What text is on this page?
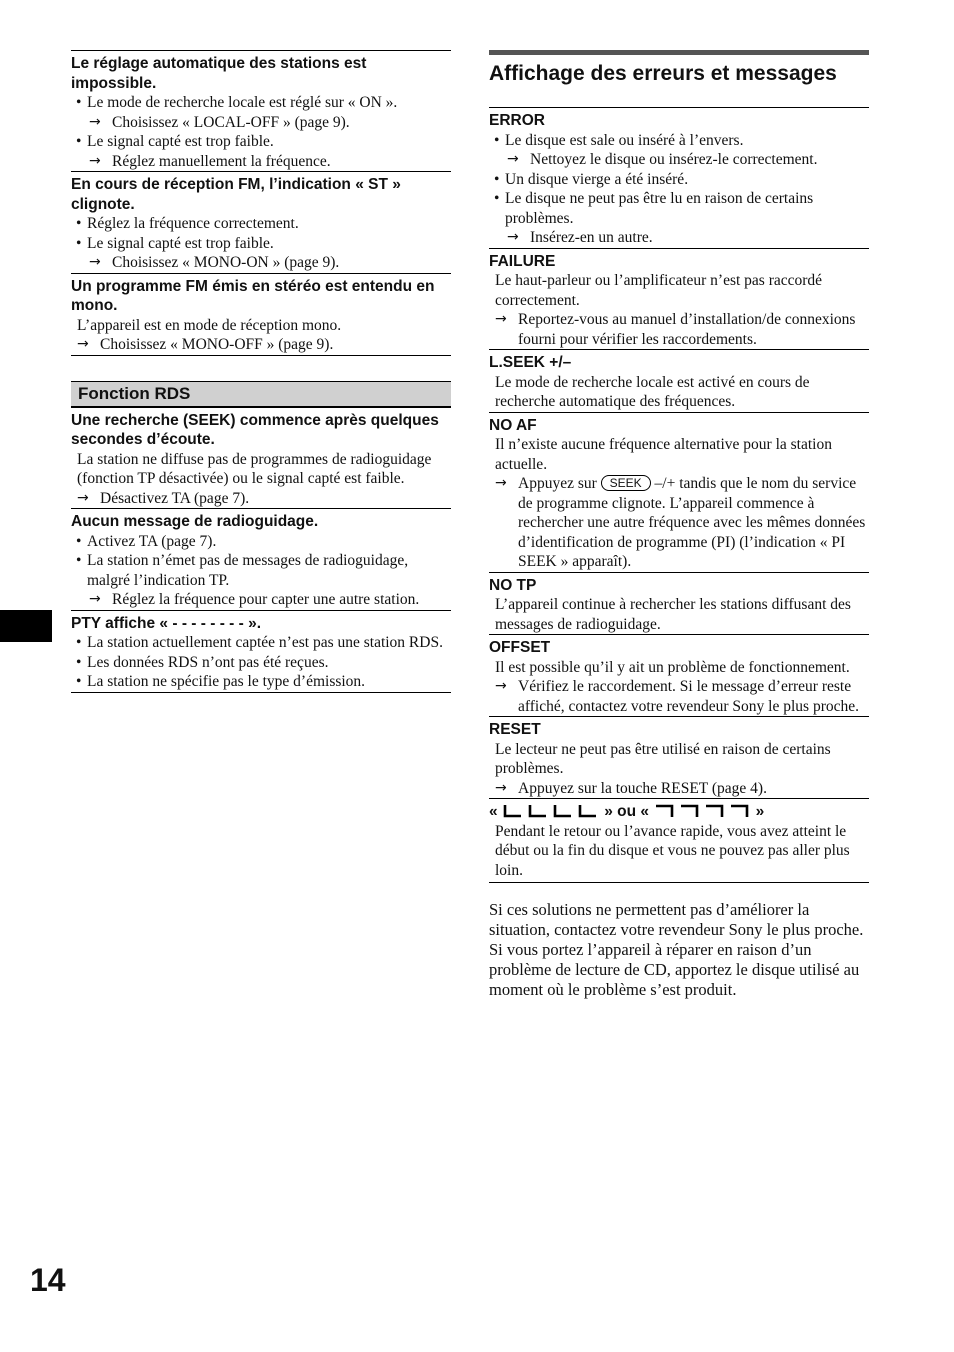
Le réglage automatique des stations est impossible.

• Le mode de recherche locale est réglé sur « ON ».

→ Choisissez « LOCAL-OFF » (page 9).

• Le signal capté est trop faible.

→ Réglez manuellement la fréquence.

En cours de réception FM, l’indication « ST » clignote.

• Réglez la fréquence correctement.

• Le signal capté est trop faible.

→ Choisissez « MONO-ON » (page 9).

Un programme FM émis en stéréo est entendu en mono.

L’appareil est en mode de réception mono.

→ Choisissez « MONO-OFF » (page 9).

Fonction RDS

Une recherche (SEEK) commence après quelques secondes d’écoute.

La station ne diffuse pas de programmes de radioguidage (fonction TP désactivée) ou le signal capté est faible.

→ Désactivez TA (page 7).

Aucun message de radioguidage.

• Activez TA (page 7).

• La station n’émet pas de messages de radioguidage, malgré l’indication TP.

→ Réglez la fréquence pour capter une autre station.

PTY affiche « - - - - - - - - ».

• La station actuellement captée n’est pas une station RDS.

• Les données RDS n’ont pas été reçues.

• La station ne spécifie pas le type d’émission.

Affichage des erreurs et messages

ERROR

• Le disque est sale ou inséré à l’envers.

→ Nettoyez le disque ou insérez-le correctement.

• Un disque vierge a été inséré.

• Le disque ne peut pas être lu en raison de certains problèmes.

→ Insérez-en un autre.

FAILURE

Le haut-parleur ou l’amplificateur n’est pas raccordé correctement.

→ Reportez-vous au manuel d’installation/de connexions fourni pour vérifier les raccordements.

L.SEEK +/–

Le mode de recherche locale est activé en cours de recherche automatique des fréquences.

NO AF

Il n’existe aucune fréquence alternative pour la station actuelle.

→ Appuyez sur SEEK –/+ tandis que le nom du service de programme clignote. L’appareil commence à rechercher une autre fréquence avec les mêmes données d’identification de programme (PI) (l’indication « PI SEEK » apparaît).

NO TP

L’appareil continue à rechercher les stations diffusant des messages de radioguidage.

OFFSET

Il est possible qu’il y ait un problème de fonctionnement.

→ Vérifiez le raccordement. Si le message d’erreur reste affiché, contactez votre revendeur Sony le plus proche.

RESET

Le lecteur ne peut pas être utilisé en raison de certains problèmes.

→ Appuyez sur la touche RESET (page 4).

«	» ou «	»

Pendant le retour ou l’avance rapide, vous avez atteint le début ou la fin du disque et vous ne pouvez pas aller plus loin.

Si ces solutions ne permettent pas d’améliorer la situation, contactez votre revendeur Sony le plus proche.

Si vous portez l’appareil à réparer en raison d’un problème de lecture de CD, apportez le disque utilisé au moment où le problème s’est produit.

14
